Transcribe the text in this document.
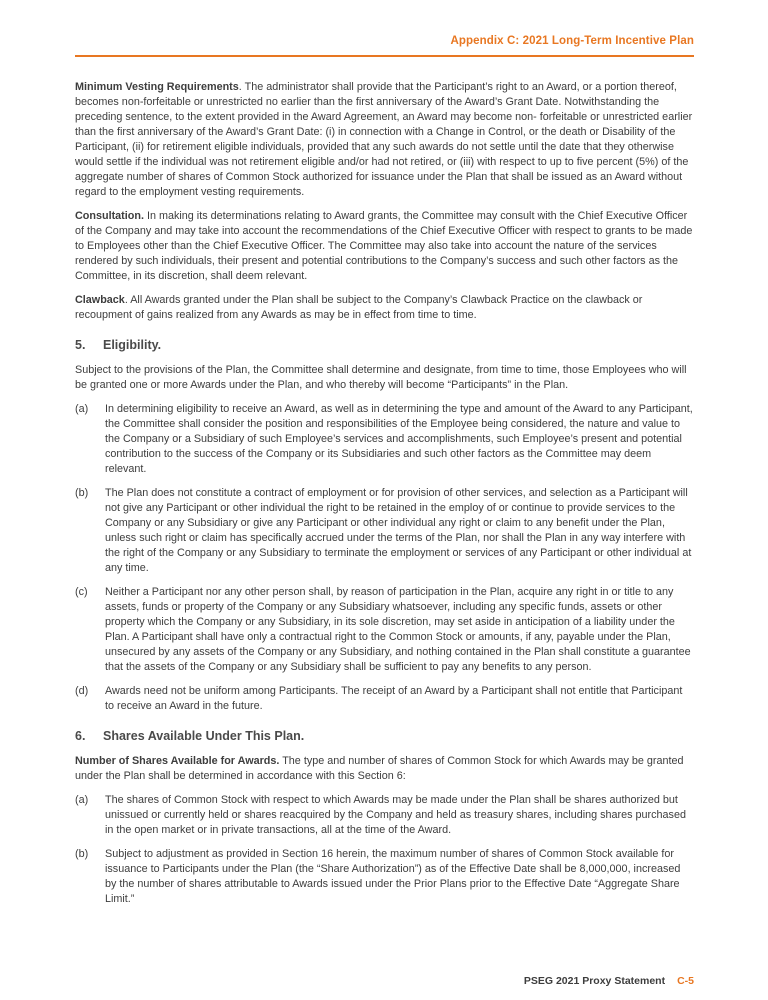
Appendix C: 2021 Long-Term Incentive Plan

Minimum Vesting Requirements. The administrator shall provide that the Participant’s right to an Award, or a portion thereof, becomes non-forfeitable or unrestricted no earlier than the first anniversary of the Award’s Grant Date. Notwithstanding the preceding sentence, to the extent provided in the Award Agreement, an Award may become non- forfeitable or unrestricted earlier than the first anniversary of the Award’s Grant Date: (i) in connection with a Change in Control, or the death or Disability of the Participant, (ii) for retirement eligible individuals, provided that any such awards do not settle until the date that they otherwise would settle if the individual was not retirement eligible and/or had not retired, or (iii) with respect to up to five percent (5%) of the aggregate number of shares of Common Stock authorized for issuance under the Plan that shall be issued as an Award without regard to the employment vesting requirements.

Consultation. In making its determinations relating to Award grants, the Committee may consult with the Chief Executive Officer of the Company and may take into account the recommendations of the Chief Executive Officer with respect to grants to be made to Employees other than the Chief Executive Officer. The Committee may also take into account the nature of the services rendered by such individuals, their present and potential contributions to the Company’s success and such other factors as the Committee, in its discretion, shall deem relevant.

Clawback. All Awards granted under the Plan shall be subject to the Company’s Clawback Practice on the clawback or recoupment of gains realized from any Awards as may be in effect from time to time.

5. Eligibility.

Subject to the provisions of the Plan, the Committee shall determine and designate, from time to time, those Employees who will be granted one or more Awards under the Plan, and who thereby will become “Participants” in the Plan.

(a)	In determining eligibility to receive an Award, as well as in determining the type and amount of the Award to any Participant, the Committee shall consider the position and responsibilities of the Employee being considered, the nature and value to the Company or a Subsidiary of such Employee’s services and accomplishments, such Employee’s present and potential contribution to the success of the Company or its Subsidiaries and such other factors as the Committee may deem relevant.
(b)	The Plan does not constitute a contract of employment or for provision of other services, and selection as a Participant will not give any Participant or other individual the right to be retained in the employ of or continue to provide services to the Company or any Subsidiary or give any Participant or other individual any right or claim to any benefit under the Plan, unless such right or claim has specifically accrued under the terms of the Plan, nor shall the Plan in any way interfere with the right of the Company or any Subsidiary to terminate the employment or services of any Participant or other individual at any time.
(c)	Neither a Participant nor any other person shall, by reason of participation in the Plan, acquire any right in or title to any assets, funds or property of the Company or any Subsidiary whatsoever, including any specific funds, assets or other property which the Company or any Subsidiary, in its sole discretion, may set aside in anticipation of a liability under the Plan. A Participant shall have only a contractual right to the Common Stock or amounts, if any, payable under the Plan, unsecured by any assets of the Company or any Subsidiary, and nothing contained in the Plan shall constitute a guarantee that the assets of the Company or any Subsidiary shall be sufficient to pay any benefits to any person.
(d)	Awards need not be uniform among Participants. The receipt of an Award by a Participant shall not entitle that Participant to receive an Award in the future.
6. Shares Available Under This Plan.

Number of Shares Available for Awards. The type and number of shares of Common Stock for which Awards may be granted under the Plan shall be determined in accordance with this Section 6:

(a)	The shares of Common Stock with respect to which Awards may be made under the Plan shall be shares authorized but unissued or currently held or shares reacquired by the Company and held as treasury shares, including shares purchased in the open market or in private transactions, all at the time of the Award.
(b)	Subject to adjustment as provided in Section 16 herein, the maximum number of shares of Common Stock available for issuance to Participants under the Plan (the “Share Authorization”) as of the Effective Date shall be 8,000,000, increased by the number of shares attributable to Awards issued under the Prior Plans prior to the Effective Date “Aggregate Share Limit.”
PSEG 2021 Proxy Statement C-5
